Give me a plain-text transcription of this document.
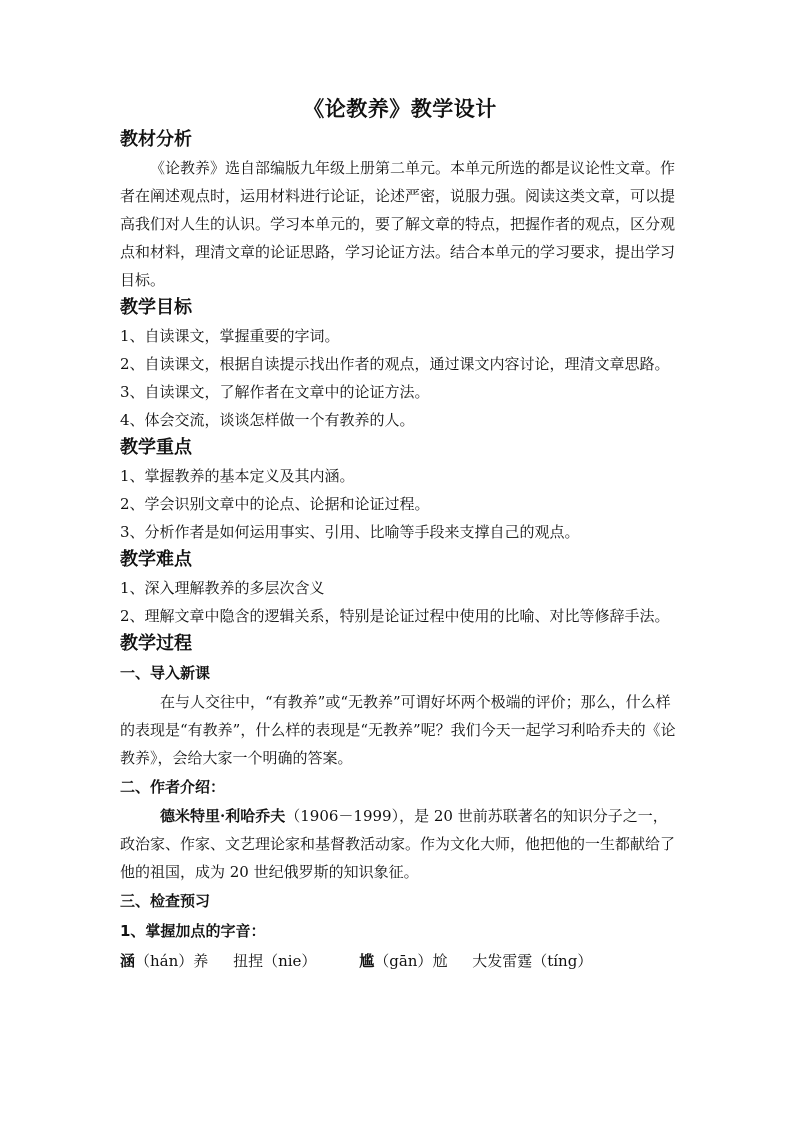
《论教养》教学设计
教材分析
《论教养》选自部编版九年级上册第二单元。本单元所选的都是议论性文章。作者在阐述观点时，运用材料进行论证，论述严密，说服力强。阅读这类文章，可以提高我们对人生的认识。学习本单元的，要了解文章的特点，把握作者的观点，区分观点和材料，理清文章的论证思路，学习论证方法。结合本单元的学习要求，提出学习目标。
教学目标
1、自读课文，掌握重要的字词。
2、自读课文，根据自读提示找出作者的观点，通过课文内容讨论，理清文章思路。
3、自读课文，了解作者在文章中的论证方法。
4、体会交流，谈谈怎样做一个有教养的人。
教学重点
1、掌握教养的基本定义及其内涵。
2、学会识别文章中的论点、论据和论证过程。
3、分析作者是如何运用事实、引用、比喻等手段来支撑自己的观点。
教学难点
1、深入理解教养的多层次含义
2、理解文章中隐含的逻辑关系，特别是论证过程中使用的比喻、对比等修辞手法。
教学过程
一、导入新课
在与人交往中，“有教养”或“无教养”可谓好坏两个极端的评价；那么，什么样的表现是“有教养”，什么样的表现是“无教养”呢？我们今天一起学习利哈乔夫的《论教养》，会给大家一个明确的答案。
二、作者介绍：
德米特里·利哈乔夫（1906－1999），是 20 世前苏联著名的知识分子之一，政治家、作家、文艺理论家和基督教活动家。作为文化大师，他把他的一生都献给了他的祖国，成为 20 世纪俄罗斯的知识象征。
三、检查预习
1、掌握加点的字音：
涵（hán）养 扭捏（nie）	尴（gān）尬 大发雷霆（tíng）
